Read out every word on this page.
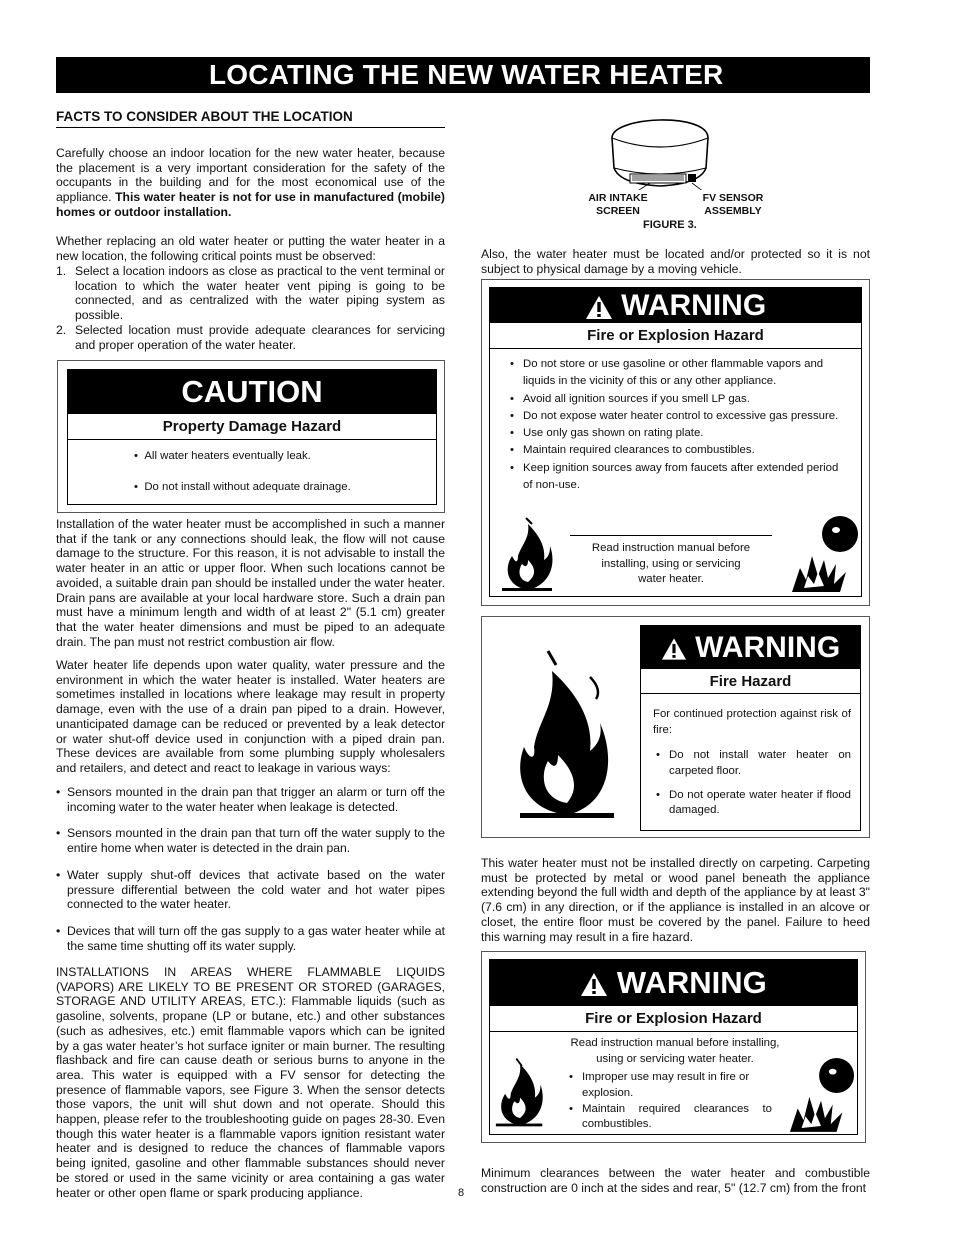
LOCATING THE NEW WATER HEATER
FACTS TO CONSIDER ABOUT THE LOCATION
Carefully choose an indoor location for the new water heater, because the placement is a very important consideration for the safety of the occupants in the building and for the most economical use of the appliance. This water heater is not for use in manufactured (mobile) homes or outdoor installation.
Whether replacing an old water heater or putting the water heater in a new location, the following critical points must be observed:
1. Select a location indoors as close as practical to the vent terminal or location to which the water heater vent piping is going to be connected, and as centralized with the water piping system as possible.
2. Selected location must provide adequate clearances for servicing and proper operation of the water heater.
CAUTION
Property Damage Hazard
•  All water heaters eventually leak.
•  Do not install without adequate drainage.
Installation of the water heater must be accomplished in such a manner that if the tank or any connections should leak, the flow will not cause damage to the structure. For this reason, it is not advisable to install the water heater in an attic or upper floor. When such locations cannot be avoided, a suitable drain pan should be installed under the water heater. Drain pans are available at your local hardware store. Such a drain pan must have a minimum length and width of at least 2" (5.1 cm) greater that the water heater dimensions and must be piped to an adequate drain. The pan must not restrict combustion air flow.
Water heater life depends upon water quality, water pressure and the environment in which the water heater is installed. Water heaters are sometimes installed in locations where leakage may result in property damage, even with the use of a drain pan piped to a drain. However, unanticipated damage can be reduced or prevented by a leak detector or water shut-off device used in conjunction with a piped drain pan. These devices are available from some plumbing supply wholesalers and retailers, and detect and react to leakage in various ways:
• Sensors mounted in the drain pan that trigger an alarm or turn off the incoming water to the water heater when leakage is detected.
• Sensors mounted in the drain pan that turn off the water supply to the entire home when water is detected in the drain pan.
• Water supply shut-off devices that activate based on the water pressure differential between the cold water and hot water pipes connected to the water heater.
• Devices that will turn off the gas supply to a gas water heater while at the same time shutting off its water supply.
INSTALLATIONS IN AREAS WHERE FLAMMABLE LIQUIDS (VAPORS) ARE LIKELY TO BE PRESENT OR STORED (GARAGES, STORAGE AND UTILITY AREAS, ETC.): Flammable liquids (such as gasoline, solvents, propane (LP or butane, etc.) and other substances (such as adhesives, etc.) emit flammable vapors which can be ignited by a gas water heater’s hot surface igniter or main burner. The resulting flashback and fire can cause death or serious burns to anyone in the area. This water is equipped with a FV sensor for detecting the presence of flammable vapors, see Figure 3. When the sensor detects those vapors, the unit will shut down and not operate. Should this happen, please refer to the troubleshooting guide on pages 28-30. Even though this water heater is a flammable vapors ignition resistant water heater and is designed to reduce the chances of flammable vapors being ignited, gasoline and other flammable substances should never be stored or used in the same vicinity or area containing a gas water heater or other open flame or spark producing appliance.	8
AIR INTAKE
SCREEN
FV SENSOR
ASSEMBLY
FIGURE 3.
Also, the water heater must be located and/or protected so it is not subject to physical damage by a moving vehicle.
WARNING
Fire or Explosion Hazard
• Do not store or use gasoline or other flammable vapors and liquids in the vicinity of this or any other appliance.
• Avoid all ignition sources if you smell LP gas.
• Do not expose water heater control to excessive gas pressure.
• Use only gas shown on rating plate.
• Maintain required clearances to combustibles.
• Keep ignition sources away from faucets after extended period of non-use.
Read instruction manual before
installing, using or servicing
water heater.
WARNING
Fire Hazard
For continued protection against risk of fire:
• Do not install water heater on carpeted floor.
• Do not operate water heater if flood damaged.
This water heater must not be installed directly on carpeting. Carpeting must be protected by metal or wood panel beneath the appliance extending beyond the full width and depth of the appliance by at least 3" (7.6 cm) in any direction, or if the appliance is installed in an alcove or closet, the entire floor must be covered by the panel. Failure to heed this warning may result in a fire hazard.
WARNING
Fire or Explosion Hazard
Read instruction manual before installing,
using or servicing water heater.
• Improper use may result in fire or explosion.
• Maintain required clearances to combustibles.
Minimum clearances between the water heater and combustible construction are 0 inch at the sides and rear, 5" (12.7 cm) from the front
